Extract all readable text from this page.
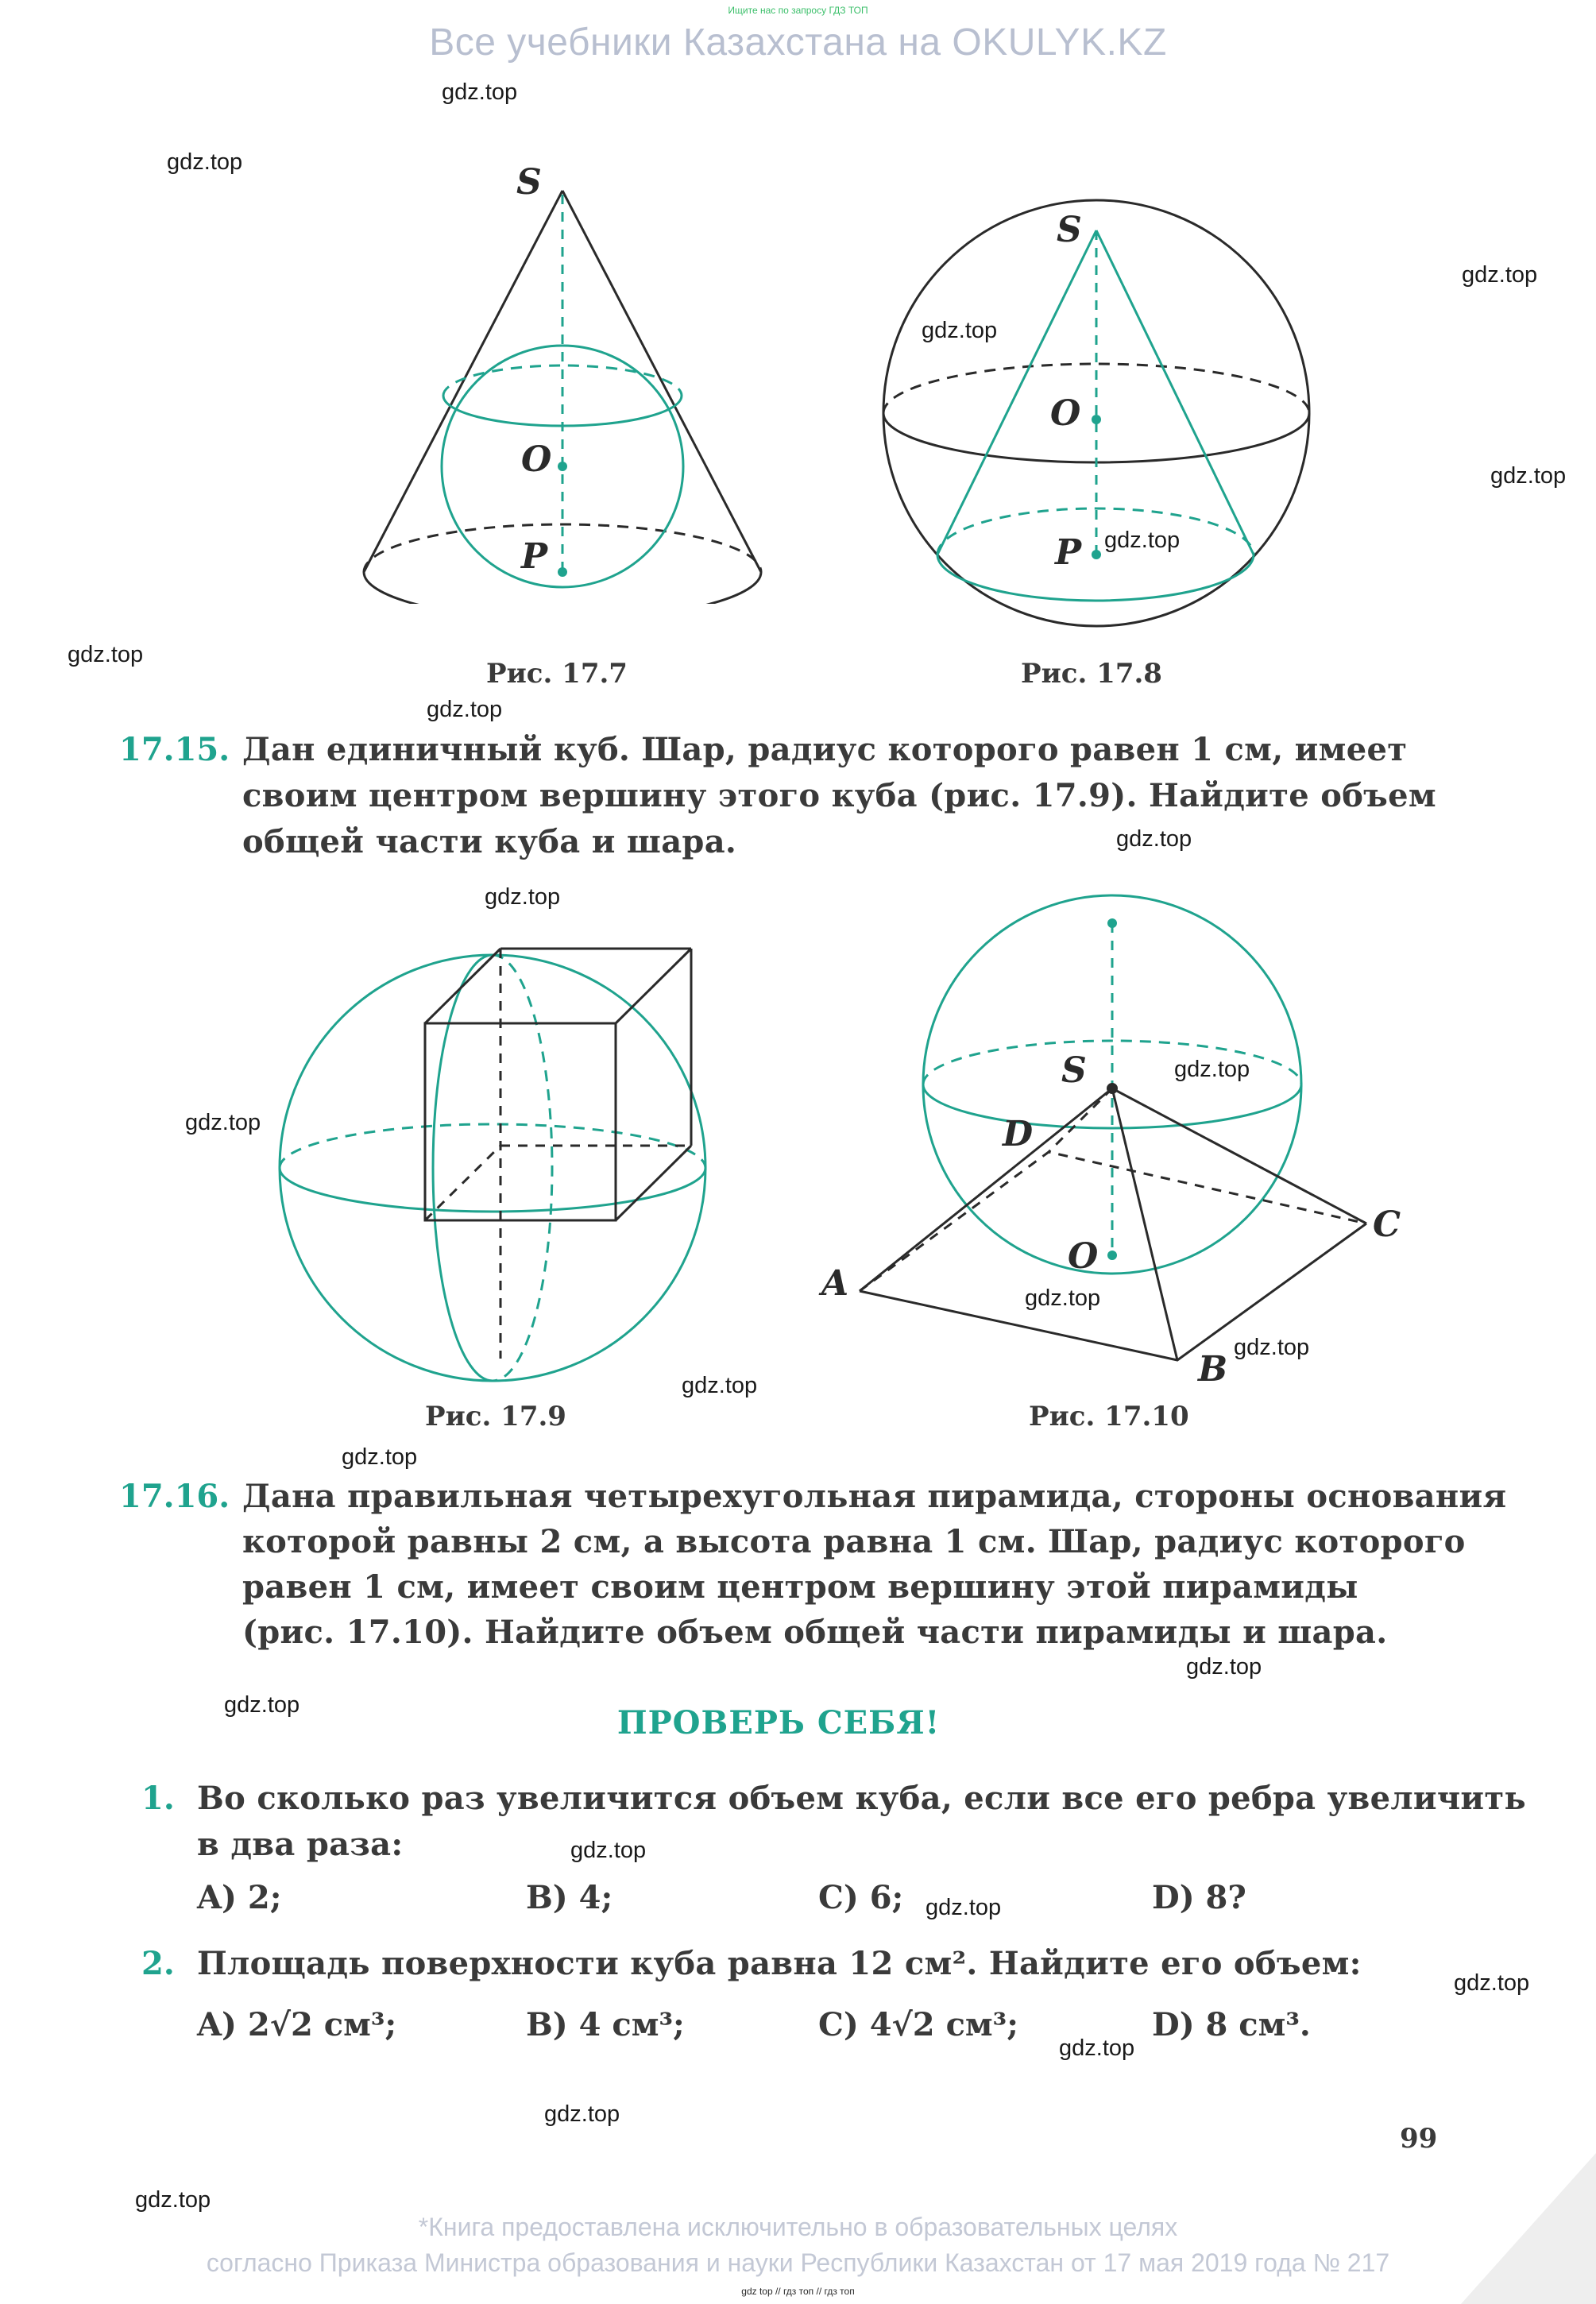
Ищите нас по запросу ГДЗ ТОП
Все учебники Казахстана на OKULYK.KZ
S
O
P
Рис. 17.7
S
O
P
Рис. 17.8
17.15. Дан единичный куб. Шар, радиус которого равен 1 см, имеет
своим центром вершину этого куба (рис. 17.9). Найдите объем
общей части куба и шара.
Рис. 17.9
S
D
C
O
A
B
Рис. 17.10
17.16. Дана правильная четырехугольная пирамида, стороны основания
которой равны 2 см, а высота равна 1 см. Шар, радиус которого
равен 1 см, имеет своим центром вершину этой пирамиды
(рис. 17.10). Найдите объем общей части пирамиды и шара.
ПРОВЕРЬ СЕБЯ!
1. Во сколько раз увеличится объем куба, если все его ребра увеличить
в два раза:
A) 2;	B) 4;	C) 6;	D) 8?
2. Площадь поверхности куба равна 12 см². Найдите его объем:
A) 2√2 см³;	B) 4 см³;	C) 4√2 см³;	D) 8 см³.
99
*Книга предоставлена исключительно в образовательных целях
согласно Приказа Министра образования и науки Республики Казахстан от 17 мая 2019 года № 217
gdz top // гдз топ // гдз топ
gdz.top
gdz.top
gdz.top
gdz.top
gdz.top
gdz.top
gdz.top
gdz.top
gdz.top
gdz.top
gdz.top
gdz.top
gdz.top
gdz.top
gdz.top
gdz.top
gdz.top
gdz.top
gdz.top
gdz.top
gdz.top
gdz.top
gdz.top
gdz.top
